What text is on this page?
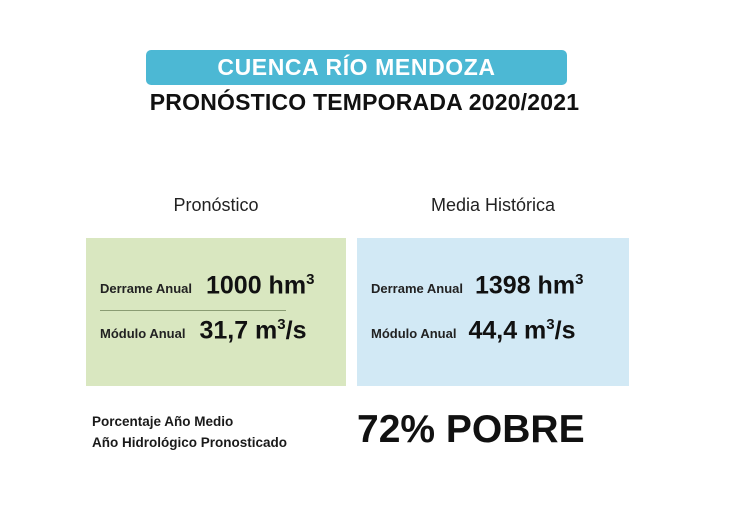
CUENCA RÍO MENDOZA
PRONÓSTICO TEMPORADA 2020/2021
Pronóstico	Media Histórica
Derrame Anual 1000 $hm^3$
Módulo Anual 31,7 $m^3/s$
Derrame Anual 1398 $hm^3$
Módulo Anual 44,4 $m^3/s$
Porcentaje Año Medio
Año Hidrológico Pronosticado	72% POBRE
